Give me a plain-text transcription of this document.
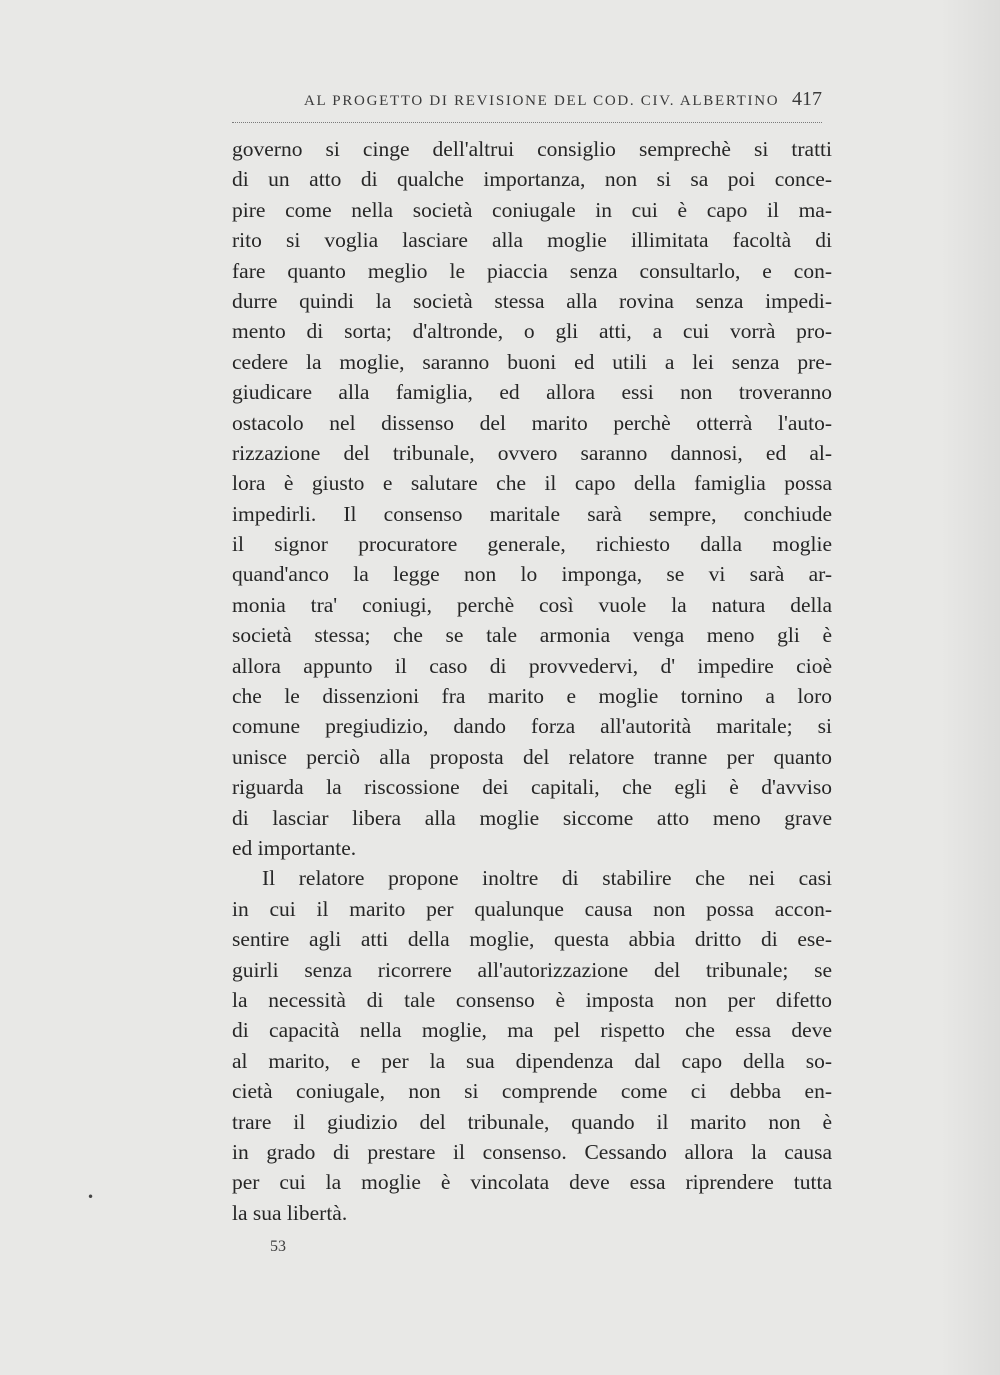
AL PROGETTO DI REVISIONE DEL COD. CIV. ALBERTINO 417
governo si cinge dell'altrui consiglio semprechè si tratti
di un atto di qualche importanza, non si sa poi conce-
pire come nella società coniugale in cui è capo il ma-
rito si voglia lasciare alla moglie illimitata facoltà di
fare quanto meglio le piaccia senza consultarlo, e con-
durre quindi la società stessa alla rovina senza impedi-
mento di sorta; d'altronde, o gli atti, a cui vorrà pro-
cedere la moglie, saranno buoni ed utili a lei senza pre-
giudicare alla famiglia, ed allora essi non troveranno
ostacolo nel dissenso del marito perchè otterrà l'auto-
rizzazione del tribunale, ovvero saranno dannosi, ed al-
lora è giusto e salutare che il capo della famiglia possa
impedirli. Il consenso maritale sarà sempre, conchiude
il signor procuratore generale, richiesto dalla moglie
quand'anco la legge non lo imponga, se vi sarà ar-
monia tra' coniugi, perchè così vuole la natura della
società stessa; che se tale armonia venga meno gli è
allora appunto il caso di provvedervi, d' impedire cioè
che le dissenzioni fra marito e moglie tornino a loro
comune pregiudizio, dando forza all'autorità maritale; si
unisce perciò alla proposta del relatore tranne per quanto
riguarda la riscossione dei capitali, che egli è d'avviso
di lasciar libera alla moglie siccome atto meno grave
ed importante.
Il relatore propone inoltre di stabilire che nei casi
in cui il marito per qualunque causa non possa accon-
sentire agli atti della moglie, questa abbia dritto di ese-
guirli senza ricorrere all'autorizzazione del tribunale; se
la necessità di tale consenso è imposta non per difetto
di capacità nella moglie, ma pel rispetto che essa deve
al marito, e per la sua dipendenza dal capo della so-
cietà coniugale, non si comprende come ci debba en-
trare il giudizio del tribunale, quando il marito non è
in grado di prestare il consenso. Cessando allora la causa
per cui la moglie è vincolata deve essa riprendere tutta
la sua libertà.
•
53
